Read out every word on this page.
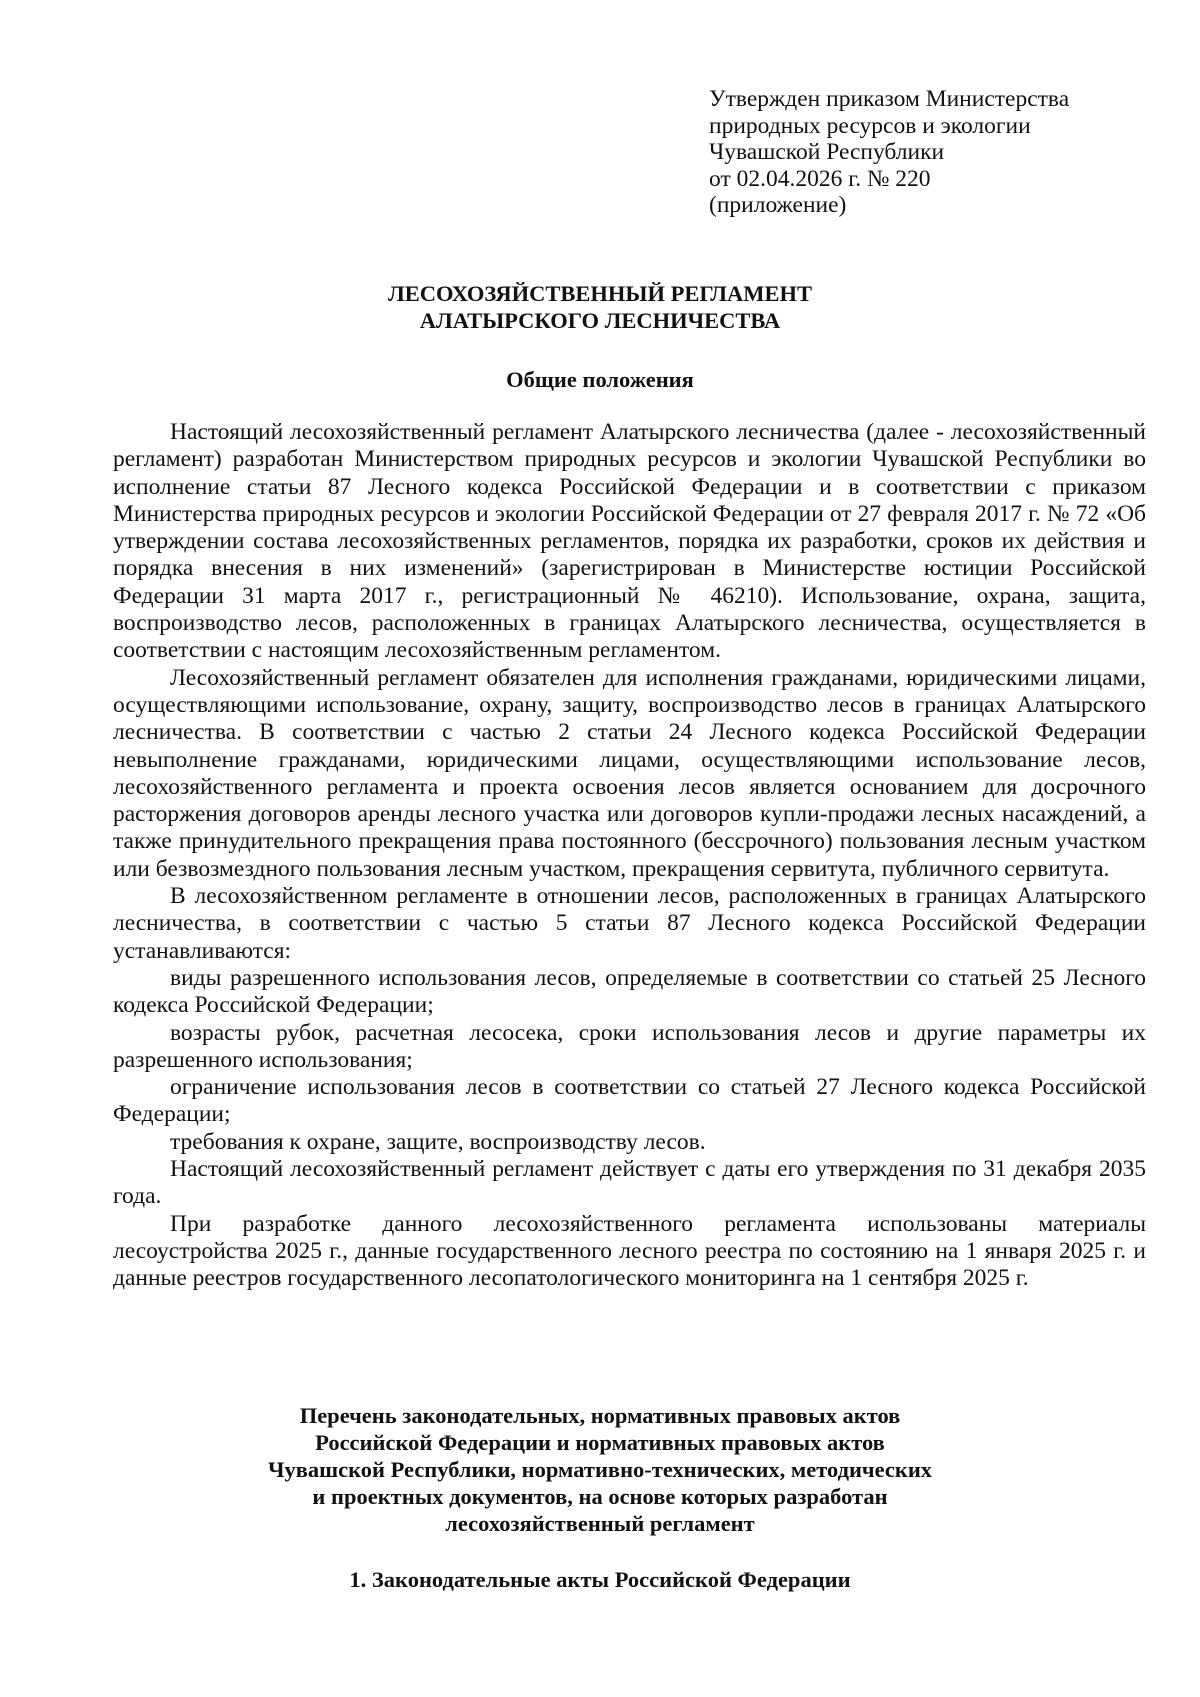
Утвержден приказом Министерства
природных ресурсов и экологии
Чувашской Республики
от 02.04.2026 г. № 220
(приложение)
ЛЕСОХОЗЯЙСТВЕННЫЙ РЕГЛАМЕНТ
АЛАТЫРСКОГО ЛЕСНИЧЕСТВА
Общие положения

Настоящий лесохозяйственный регламент Алатырского лесничества (далее - лесохозяйственный регламент) разработан Министерством природных ресурсов и экологии Чувашской Республики во исполнение статьи 87 Лесного кодекса Российской Федерации и в соответствии с приказом Министерства природных ресурсов и экологии Российской Федерации от 27 февраля 2017 г. № 72 «Об утверждении состава лесохозяйственных регламентов, порядка их разработки, сроков их действия и порядка внесения в них изменений» (зарегистрирован в Министерстве юстиции Российской Федерации 31 марта 2017 г., регистрационный № 46210). Использование, охрана, защита, воспроизводство лесов, расположенных в границах Алатырского лесничества, осуществляется в соответствии с настоящим лесохозяйственным регламентом.

Лесохозяйственный регламент обязателен для исполнения гражданами, юридическими лицами, осуществляющими использование, охрану, защиту, воспроизводство лесов в границах Алатырского лесничества. В соответствии с частью 2 статьи 24 Лесного кодекса Российской Федерации невыполнение гражданами, юридическими лицами, осуществляющими использование лесов, лесохозяйственного регламента и проекта освоения лесов является основанием для досрочного расторжения договоров аренды лесного участка или договоров купли-продажи лесных насаждений, а также принудительного прекращения права постоянного (бессрочного) пользования лесным участком или безвозмездного пользования лесным участком, прекращения сервитута, публичного сервитута.

В лесохозяйственном регламенте в отношении лесов, расположенных в границах Алатырского лесничества, в соответствии с частью 5 статьи 87 Лесного кодекса Российской Федерации устанавливаются:

виды разрешенного использования лесов, определяемые в соответствии со статьей 25 Лесного кодекса Российской Федерации;

возрасты рубок, расчетная лесосека, сроки использования лесов и другие параметры их разрешенного использования;

ограничение использования лесов в соответствии со статьей 27 Лесного кодекса Российской Федерации;

требования к охране, защите, воспроизводству лесов.

Настоящий лесохозяйственный регламент действует с даты его утверждения по 31 декабря 2035 года.

При разработке данного лесохозяйственного регламента использованы материалы лесоустройства 2025 г., данные государственного лесного реестра по состоянию на 1 января 2025 г. и данные реестров государственного лесопатологического мониторинга на 1 сентября 2025 г.

Перечень законодательных, нормативных правовых актов
Российской Федерации и нормативных правовых актов
Чувашской Республики, нормативно-технических, методических
и проектных документов, на основе которых разработан
лесохозяйственный регламент
1. Законодательные акты Российской Федерации
